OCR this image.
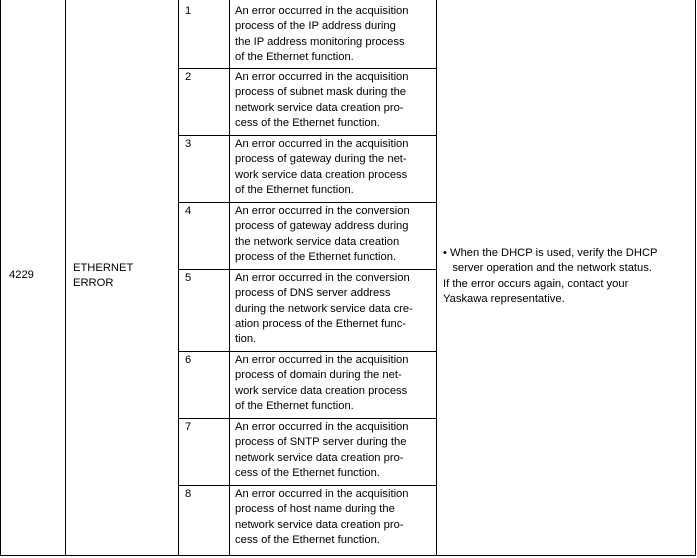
4229
ETHERNET
ERROR
1	An error occurred in the acquisition
process of the IP address during
the IP address monitoring process
of the Ethernet function.
2	An error occurred in the acquisition
process of subnet mask during the
network service data creation pro-
cess of the Ethernet function.
3	An error occurred in the acquisition
process of gateway during the net-
work service data creation process
of the Ethernet function.
4	An error occurred in the conversion
process of gateway address during
the network service data creation
process of the Ethernet function.
5	An error occurred in the conversion
process of DNS server address
during the network service data cre-
ation process of the Ethernet func-
tion.
6	An error occurred in the acquisition
process of domain during the net-
work service data creation process
of the Ethernet function.
7	An error occurred in the acquisition
process of SNTP server during the
network service data creation pro-
cess of the Ethernet function.
8	An error occurred in the acquisition
process of host name during the
network service data creation pro-
cess of the Ethernet function.
• When the DHCP is used, verify the DHCP
server operation and the network status.
If the error occurs again, contact your
Yaskawa representative.
